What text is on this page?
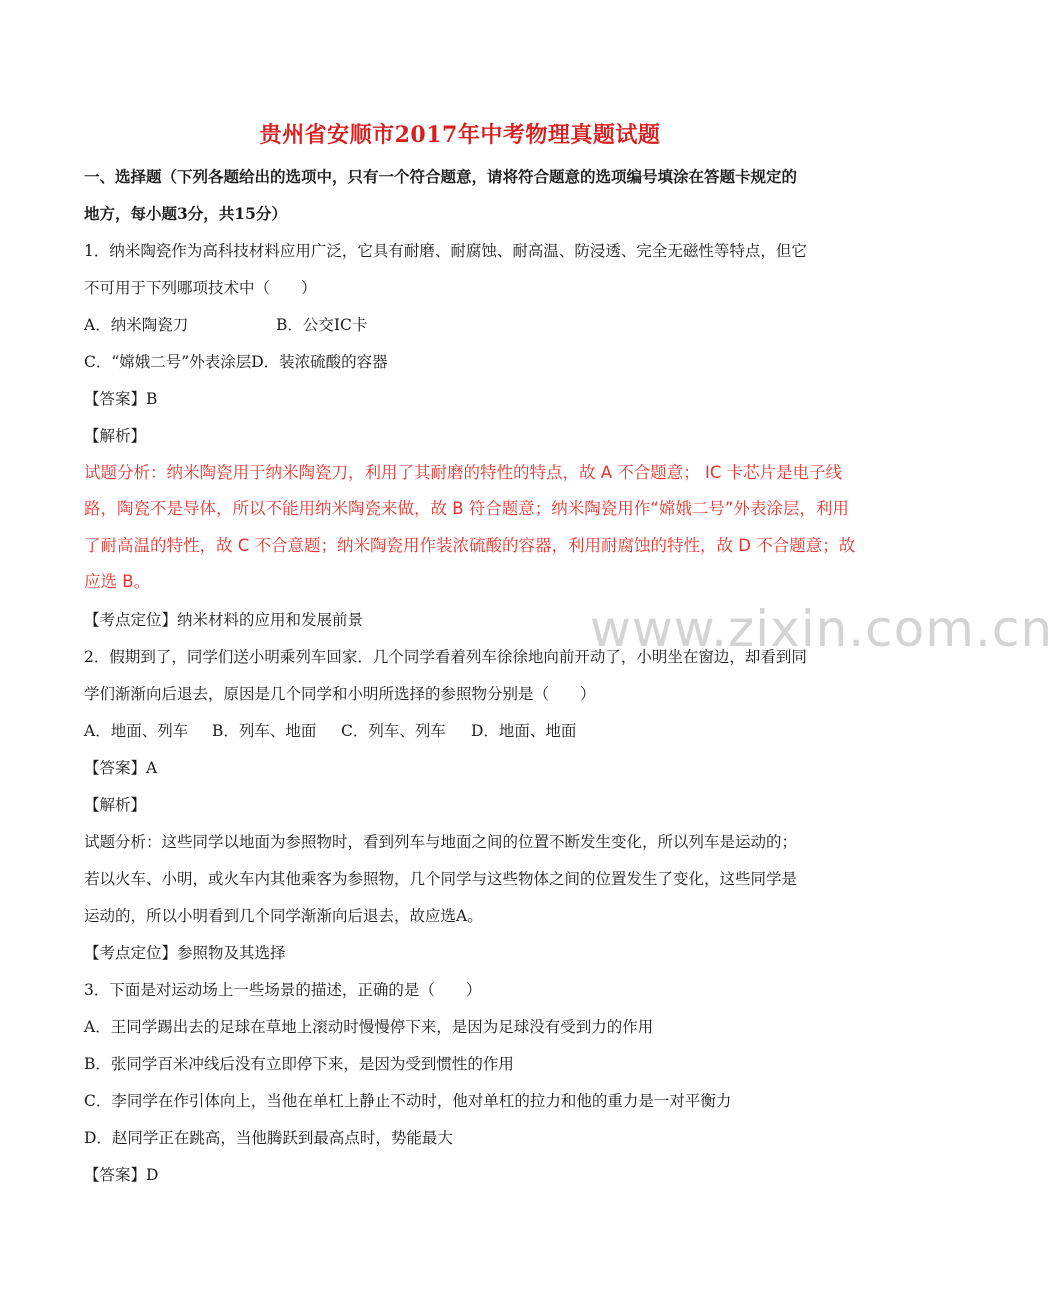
www.zixin.com.cn
贵州省安顺市2017年中考物理真题试题
一、选择题（下列各题给出的选项中，只有一个符合题意，请将符合题意的选项编号填涂在答题卡规定的
地方，每小题3分，共15分）
1．纳米陶瓷作为高科技材料应用广泛，它具有耐磨、耐腐蚀、耐高温、防浸透、完全无磁性等特点，但它
不可用于下列哪项技术中（　　）
A．纳米陶瓷刀	B．公交IC卡
C．“嫦娥二号”外表涂层D．装浓硫酸的容器
【答案】B
【解析】
试题分析：纳米陶瓷用于纳米陶瓷刀，利用了其耐磨的特性的特点，故 A 不合题意； IC 卡芯片是电子线
路，陶瓷不是导体，所以不能用纳米陶瓷来做，故 B 符合题意；纳米陶瓷用作“嫦娥二号”外表涂层，利用
了耐高温的特性，故 C 不合意题；纳米陶瓷用作装浓硫酸的容器，利用耐腐蚀的特性，故 D 不合题意；故
应选 B。
【考点定位】纳米材料的应用和发展前景
2．假期到了，同学们送小明乘列车回家．几个同学看着列车徐徐地向前开动了，小明坐在窗边，却看到同
学们渐渐向后退去，原因是几个同学和小明所选择的参照物分别是（　　）
A．地面、列车 B．列车、地面 C．列车、列车 D．地面、地面
【答案】A
【解析】
试题分析：这些同学以地面为参照物时，看到列车与地面之间的位置不断发生变化，所以列车是运动的；
若以火车、小明，或火车内其他乘客为参照物，几个同学与这些物体之间的位置发生了变化，这些同学是
运动的，所以小明看到几个同学渐渐向后退去，故应选A。
【考点定位】参照物及其选择
3．下面是对运动场上一些场景的描述，正确的是（　　）
A．王同学踢出去的足球在草地上滚动时慢慢停下来，是因为足球没有受到力的作用
B．张同学百米冲线后没有立即停下来，是因为受到惯性的作用
C．李同学在作引体向上，当他在单杠上静止不动时，他对单杠的拉力和他的重力是一对平衡力
D．赵同学正在跳高，当他腾跃到最高点时，势能最大
【答案】D
